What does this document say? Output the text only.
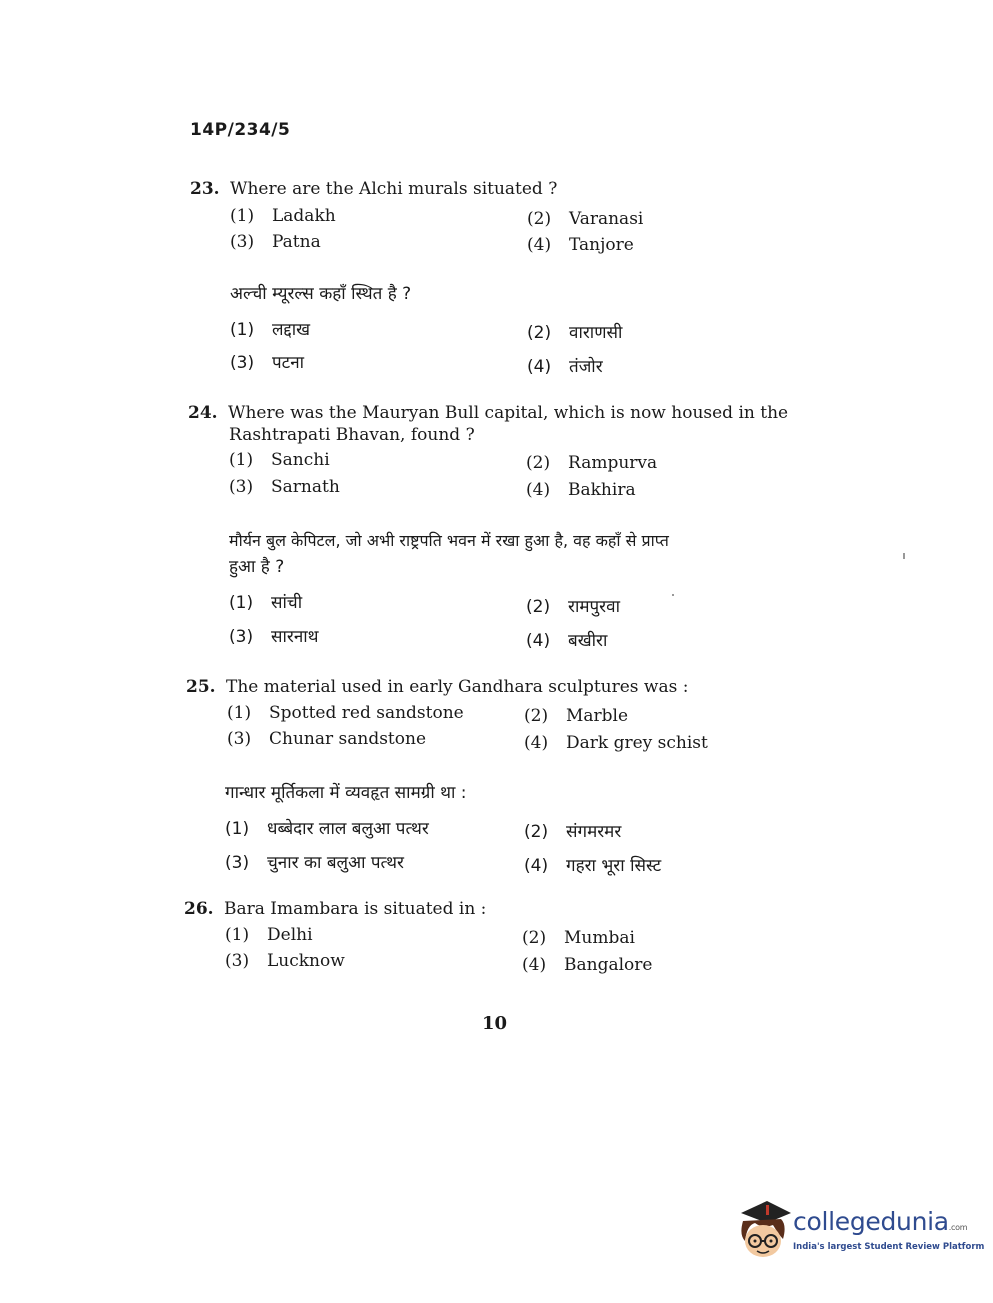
14P/234/5
23. Where are the Alchi murals situated ?
(1) Ladakh	(2) Varanasi
(3) Patna	(4) Tanjore
अल्ची म्यूरल्स कहाँ स्थित है ?
(1) लद्दाख	(2) वाराणसी
(3) पटना	(4) तंजोर
24. Where was the Mauryan Bull capital, which is now housed in the
Rashtrapati Bhavan, found ?
(1) Sanchi	(2) Rampurva
(3) Sarnath	(4) Bakhira
मौर्यन बुल केपिटल, जो अभी राष्ट्रपति भवन में रखा हुआ है, वह कहाँ से प्राप्त
हुआ है ?
(1) सांची	(2) रामपुरवा
(3) सारनाथ	(4) बखीरा
25. The material used in early Gandhara sculptures was :
(1) Spotted red sandstone	(2) Marble
(3) Chunar sandstone	(4) Dark grey schist
गान्धार मूर्तिकला में व्यवहृत सामग्री था :
(1) धब्बेदार लाल बलुआ पत्थर	(2) संगमरमर
(3) चुनार का बलुआ पत्थर	(4) गहरा भूरा सिस्ट
26. Bara Imambara is situated in :
(1) Delhi	(2) Mumbai
(3) Lucknow	(4) Bangalore
10
collegedunia.com
India's largest Student Review Platform
